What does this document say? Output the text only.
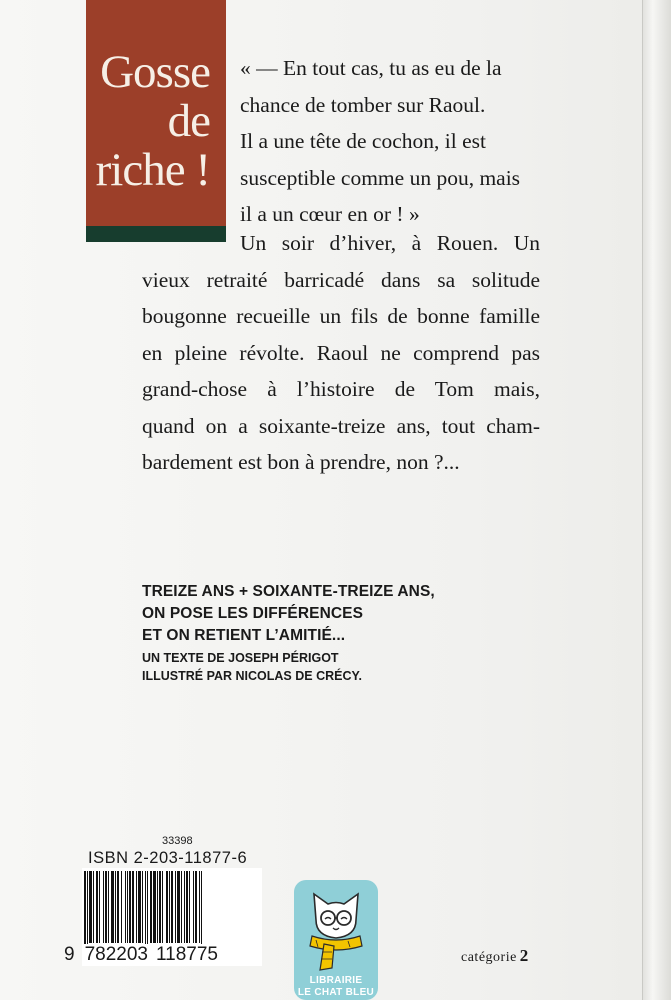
Gosse
de
riche !
« — En tout cas, tu as eu de la
chance de tomber sur Raoul.
Il a une tête de cochon, il est
susceptible comme un pou, mais
il a un cœur en or ! »
Un soir d’hiver, à Rouen. Un
vieux retraité barricadé dans sa solitude
bougonne recueille un fils de bonne famille
en pleine révolte. Raoul ne comprend pas
grand-chose à l’histoire de Tom mais,
quand on a soixante-treize ans, tout cham-
bardement est bon à prendre, non ?...
TREIZE ANS + SOIXANTE-TREIZE ANS,
ON POSE LES DIFFÉRENCES
ET ON RETIENT L’AMITIÉ...
UN TEXTE DE JOSEPH PÉRIGOT
ILLUSTRÉ PAR NICOLAS DE CRÉCY.
33398
ISBN 2-203-11877-6
9 782203 118775
LIBRAIRIE
LE CHAT BLEU
catégorie 2
